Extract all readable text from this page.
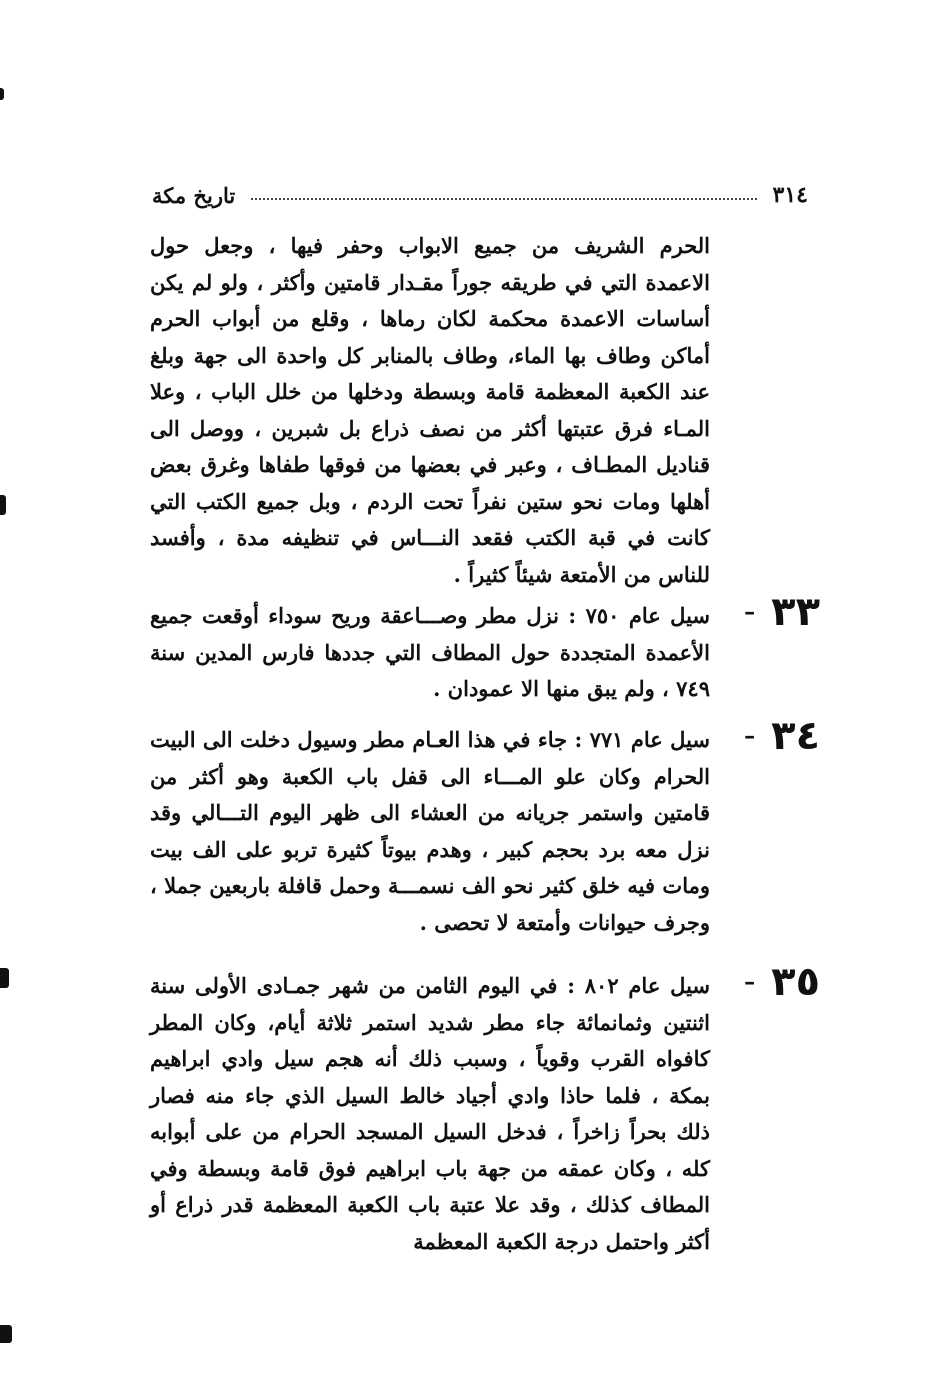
٣١٤
تاريخ مكة
الحرم الشريف من جميع الابواب وحفر فيها ، وجعل حول الاعمدة التي في طريقه جوراً مقـدار قامتين وأكثر ، ولو لم يكن أساسات الاعمدة محكمة لكان رماها ، وقلع من أبواب الحرم أماكن وطاف بها الماء، وطاف بالمنابر كل واحدة الى جهة وبلغ عند الكعبة المعظمة قامة وبسطة ودخلها من خلل الباب ، وعلا المـاء فرق عتبتها أكثر من نصف ذراع بل شبرين ، ووصل الى قناديل المطـاف ، وعبر في بعضها من فوقها طفاها وغرق بعض أهلها ومات نحو ستين نفراً تحت الردم ، وبل جميع الكتب التي كانت في قبة الكتب فقعد النـــاس في تنظيفه مدة ، وأفسد للناس من الأمتعة شيئاً كثيراً .
٣٣
–
سيل عام ٧٥٠ : نزل مطر وصـــاعقة وريح سوداء أوقعت جميع الأعمدة المتجددة حول المطاف التي جددها فارس المدين سنة ٧٤٩ ، ولم يبق منها الا عمودان .
٣٤
–
سيل عام ٧٧١ : جاء في هذا العـام مطر وسيول دخلت الى البيت الحرام وكان علو المـــاء الى قفل باب الكعبة وهو أكثر من قامتين واستمر جريانه من العشاء الى ظهر اليوم التـــالي وقد نزل معه برد بحجم كبير ، وهدم بيوتاً كثيرة تربو على الف بيت ومات فيه خلق كثير نحو الف نسمـــة وحمل قافلة باربعين جملا ، وجرف حيوانات وأمتعة لا تحصى .
٣٥
–
سيل عام ٨٠٢ : في اليوم الثامن من شهر جمـادى الأولى سنة اثنتين وثمانمائة جاء مطر شديد استمر ثلاثة أيام، وكان المطر كافواه القرب وقوياً ، وسبب ذلك أنه هجم سيل وادي ابراهيم بمكة ، فلما حاذا وادي أجياد خالط السيل الذي جاء منه فصار ذلك بحراً زاخراً ، فدخل السيل المسجد الحرام من على أبوابه كله ، وكان عمقه من جهة باب ابراهيم فوق قامة وبسطة وفي المطاف كذلك ، وقد علا عتبة باب الكعبة المعظمة قدر ذراع أو أكثر واحتمل درجة الكعبة المعظمة
